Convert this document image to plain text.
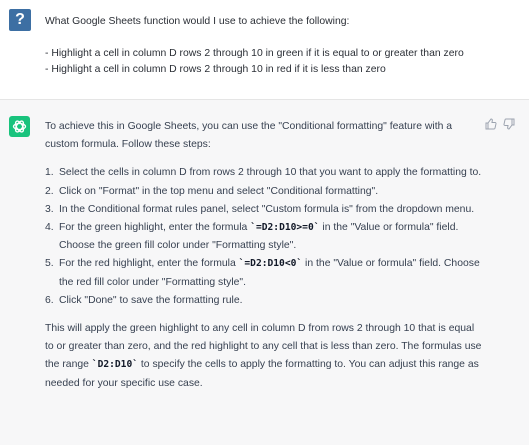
?	What Google Sheets function would I use to achieve the following:
- Highlight a cell in column D rows 2 through 10 in green if it is equal to or greater than zero
- Highlight a cell in column D rows 2 through 10 in red if it is less than zero
To achieve this in Google Sheets, you can use the "Conditional formatting" feature with a custom formula. Follow these steps:
1. Select the cells in column D from rows 2 through 10 that you want to apply the formatting to.
2. Click on "Format" in the top menu and select "Conditional formatting".
3. In the Conditional format rules panel, select "Custom formula is" from the dropdown menu.
4. For the green highlight, enter the formula `=D2:D10>=0` in the "Value or formula" field. Choose the green fill color under "Formatting style".
5. For the red highlight, enter the formula `=D2:D10<0` in the "Value or formula" field. Choose the red fill color under "Formatting style".
6. Click "Done" to save the formatting rule.
This will apply the green highlight to any cell in column D from rows 2 through 10 that is equal to or greater than zero, and the red highlight to any cell that is less than zero. The formulas use the range `D2:D10` to specify the cells to apply the formatting to. You can adjust this range as needed for your specific use case.
